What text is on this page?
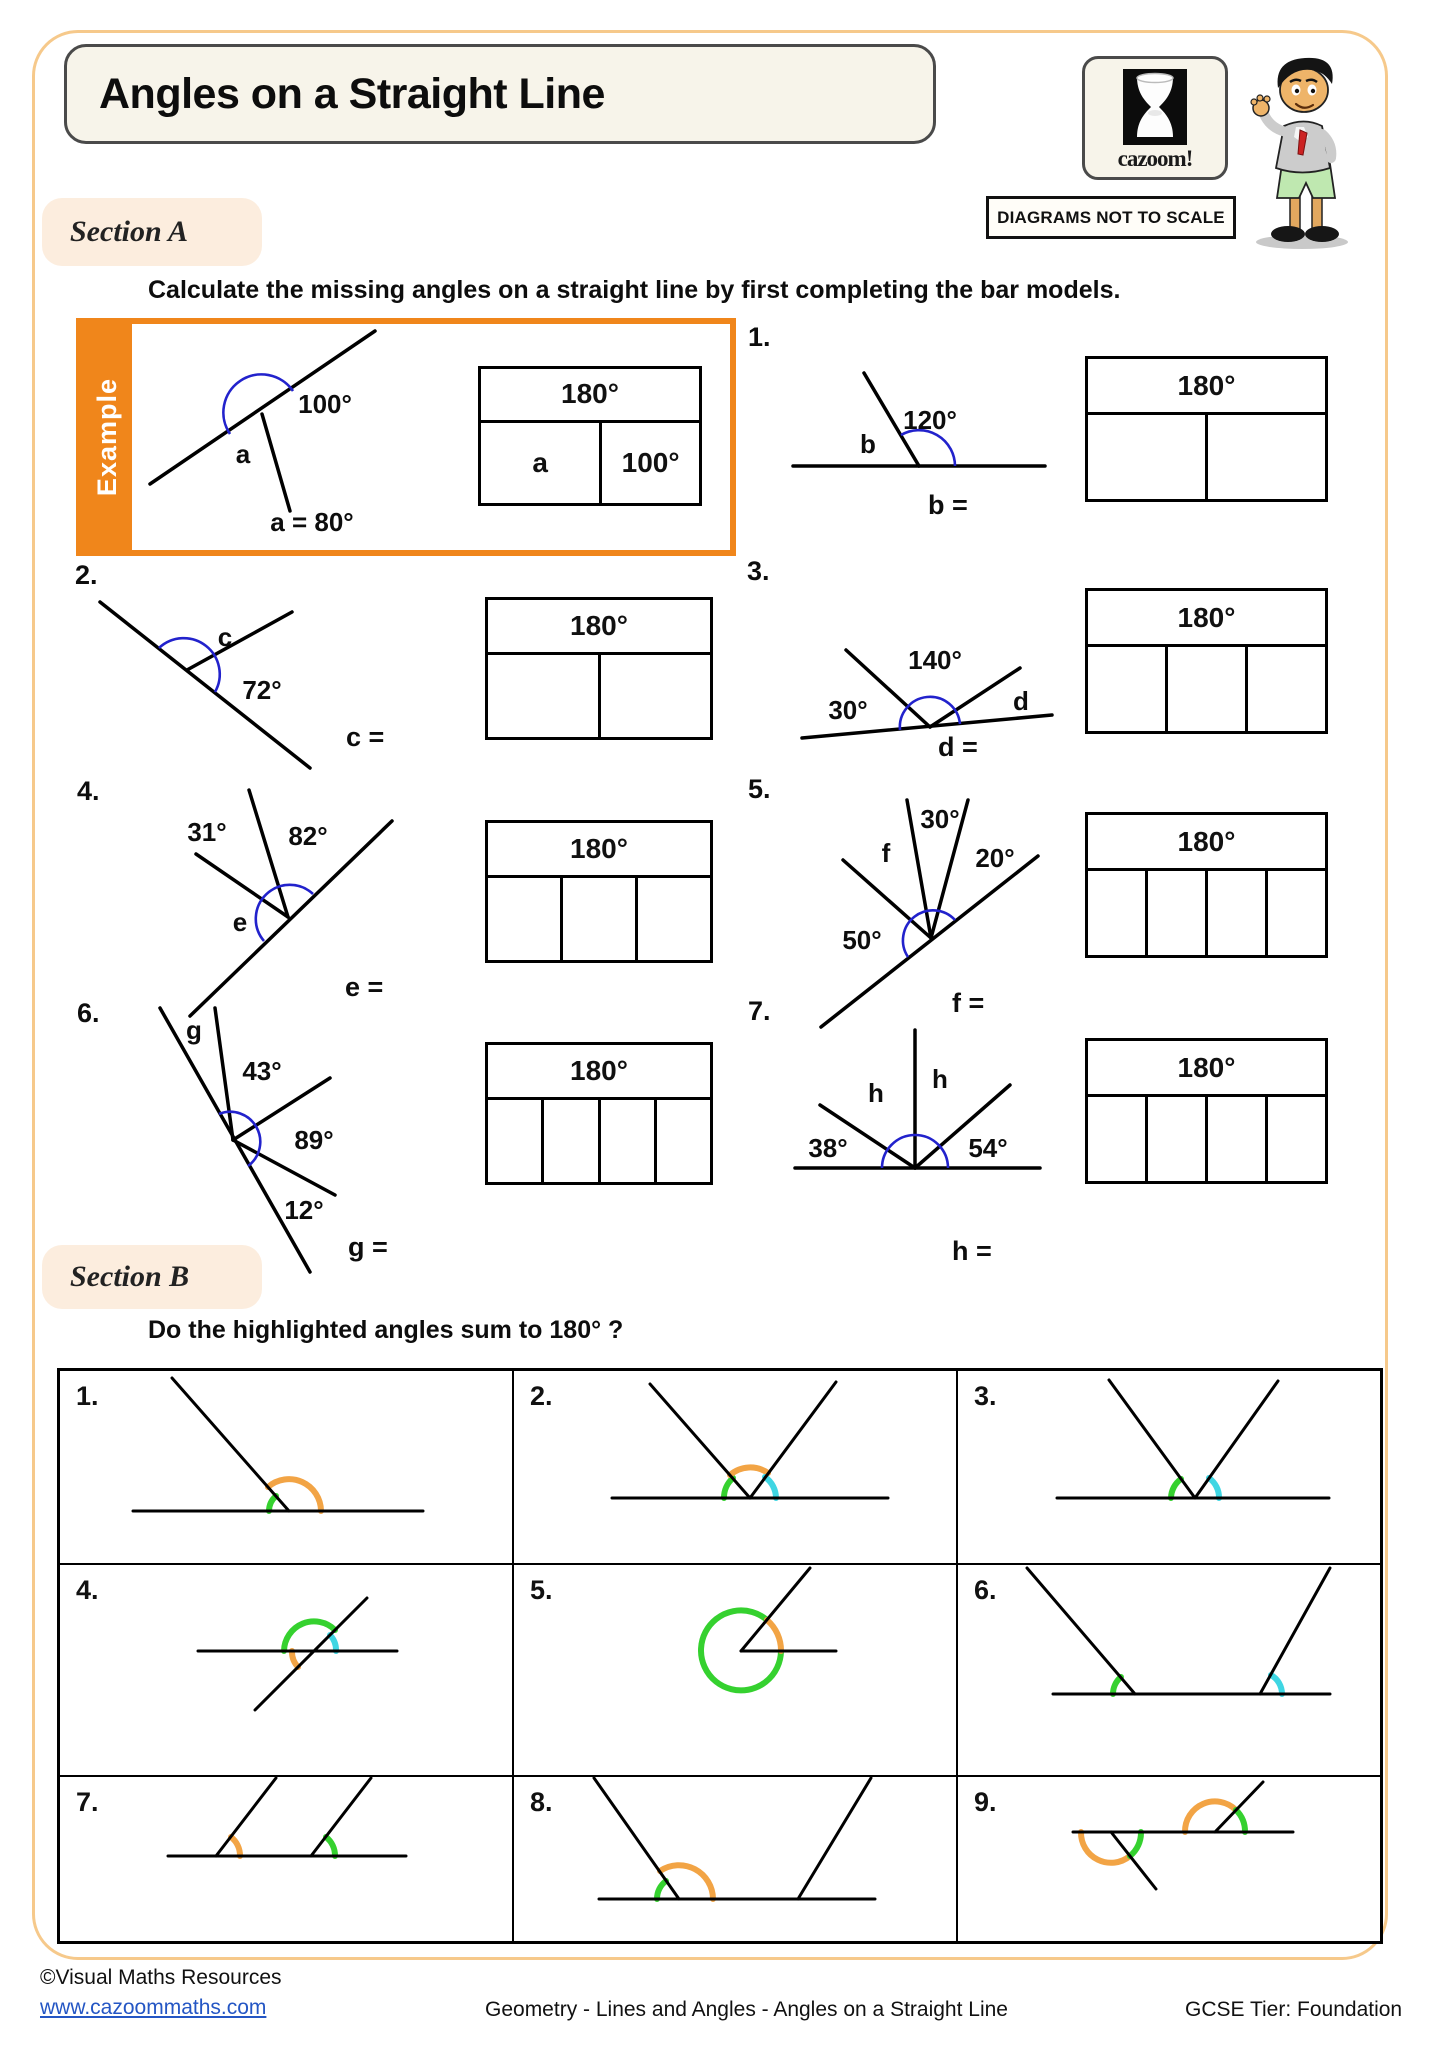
Angles on a Straight Line
cazoom!
DIAGRAMS NOT TO SCALE
Section A
Calculate the missing angles on a straight line by first completing the bar models.
Example	100°
a
a = 80°
180°
a	100°
1.
b
120°
b =
180°
2.
c
72°
c =
180°
3.
30°
140°
d
d =
180°
4.
31° 82°
e
e =
180°
5.
50°
f
30°
20°
f =
180°
6.
g
43°
89°
12°
g =
180°
7.
38°
h h
54°
h =
180°
Section B
Do the highlighted angles sum to 180° ?
1.	2.	3.
4.	5.	6.
7.	8.	9.
©Visual Maths Resources
www.cazoommaths.com	Geometry - Lines and Angles - Angles on a Straight Line	GCSE Tier: Foundation
